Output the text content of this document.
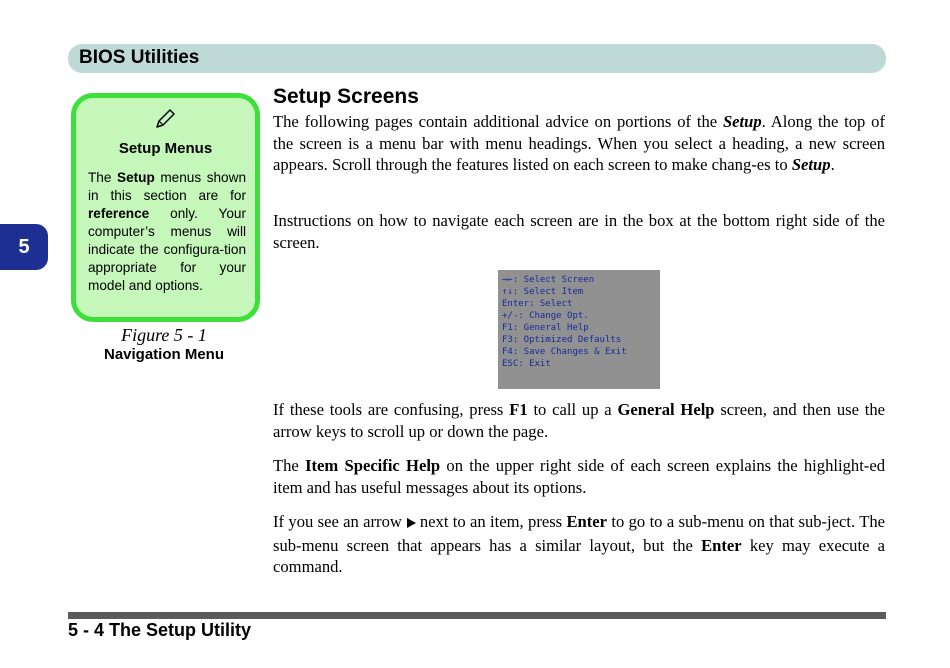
BIOS Utilities
5
Setup Menus
The Setup menus shown in this section are for reference only. Your computer’s menus will indicate the configura-tion appropriate for your model and options.
Figure 5 - 1
Navigation Menu
Setup Screens

The following pages contain additional advice on portions of the Setup. Along the top of the screen is a menu bar with menu headings. When you select a heading, a new screen appears. Scroll through the features listed on each screen to make chang-es to Setup.

Instructions on how to navigate each screen are in the box at the bottom right side of the screen.

→←: Select Screen
↑↓: Select Item
Enter: Select
+/-: Change Opt.
F1: General Help
F3: Optimized Defaults
F4: Save Changes & Exit
ESC: Exit

If these tools are confusing, press F1 to call up a General Help screen, and then use the arrow keys to scroll up or down the page.

The Item Specific Help on the upper right side of each screen explains the highlight-ed item and has useful messages about its options.

If you see an arrow next to an item, press Enter to go to a sub-menu on that sub-ject. The sub-menu screen that appears has a similar layout, but the Enter key may execute a command.

5 - 4 The Setup Utility
